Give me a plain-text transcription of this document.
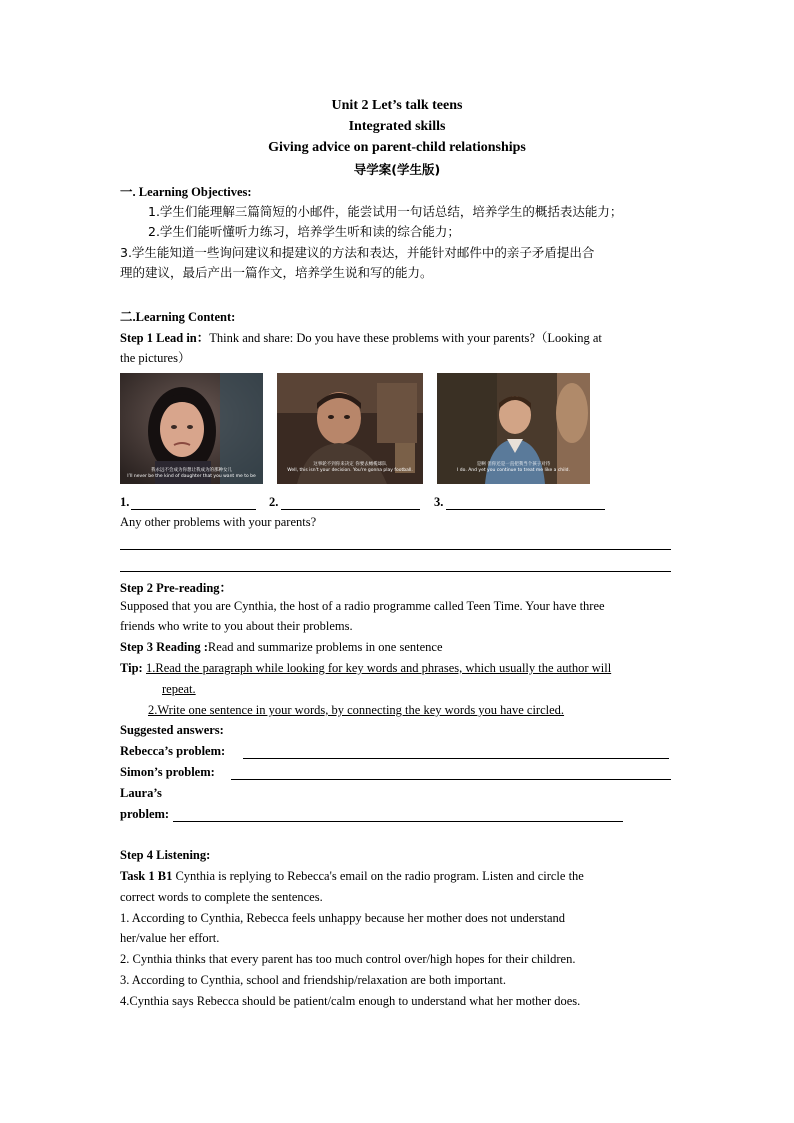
Unit 2 Let’s talk teens
Integrated skills
Giving advice on parent-child relationships
导学案(学生版)
一. Learning Objectives:
1.学生们能理解三篇简短的小邮件，能尝试用一句话总结，培养学生的概括表达能力；
2.学生们能听懂听力练习，培养学生听和读的综合能力；
3.学生能知道一些询问建议和提建议的方法和表达，并能针对邮件中的亲子矛盾提出合
理的建议，最后产出一篇作文，培养学生说和写的能力。
二.Learning Content:
Step 1 Lead in：Think and share: Do you have these problems with your parents?（Looking at
the pictures）
我永远不会成为你想让我成为的那种女儿
I’ll never be the kind of daughter that you want me to be
这事轮不到你来决定 你要去橄榄球队
Well, this isn't your decision. You're gonna play football.
是啊 但你还是一直把我当个孩子对待
I do. And yet you continue to treat me like a child.
1.	2.	3.
Any other problems with your parents?
Step 2 Pre-reading：
Supposed that you are Cynthia, the host of a radio programme called Teen Time. Your have three
friends who write to you about their problems.
Step 3 Reading :Read and summarize problems in one sentence
Tip: 1.Read the paragraph while looking for key words and phrases, which usually the author will
repeat.
2.Write one sentence in your words, by connecting the key words you have circled.
Suggested answers:
Rebecca’s problem:
Simon’s problem:
Laura’s
problem:
Step 4 Listening:
Task 1 B1 Cynthia is replying to Rebecca's email on the radio program. Listen and circle the
correct words to complete the sentences.
1. According to Cynthia, Rebecca feels unhappy because her mother does not understand
her/value her effort.
2. Cynthia thinks that every parent has too much control over/high hopes for their children.
3. According to Cynthia, school and friendship/relaxation are both important.
4.Cynthia says Rebecca should be patient/calm enough to understand what her mother does.
